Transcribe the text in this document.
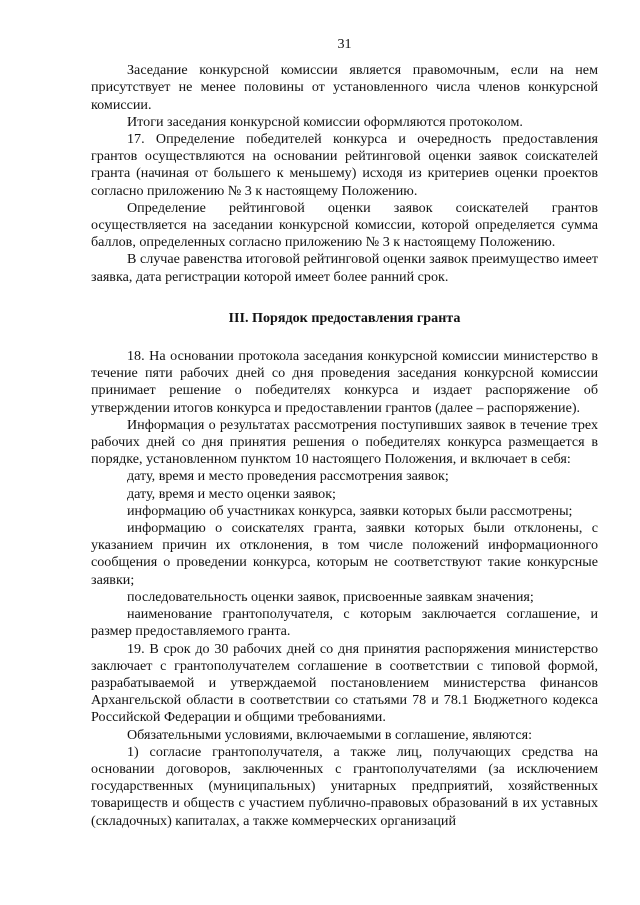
31

Заседание конкурсной комиссии является правомочным, если на нем присутствует не менее половины от установленного числа членов конкурсной комиссии.

Итоги заседания конкурсной комиссии оформляются протоколом.

17. Определение победителей конкурса и очередность предоставления грантов осуществляются на основании рейтинговой оценки заявок соискателей гранта (начиная от большего к меньшему) исходя из критериев оценки проектов согласно приложению № 3 к настоящему Положению.

Определение рейтинговой оценки заявок соискателей грантов осуществляется на заседании конкурсной комиссии, которой определяется сумма баллов, определенных согласно приложению № 3 к настоящему Положению.

В случае равенства итоговой рейтинговой оценки заявок преимущество имеет заявка, дата регистрации которой имеет более ранний срок.

III. Порядок предоставления гранта

18. На основании протокола заседания конкурсной комиссии министерство в течение пяти рабочих дней со дня проведения заседания конкурсной комиссии принимает решение о победителях конкурса и издает распоряжение об утверждении итогов конкурса и предоставлении грантов (далее – распоряжение).

Информация о результатах рассмотрения поступивших заявок в течение трех рабочих дней со дня принятия решения о победителях конкурса размещается в порядке, установленном пунктом 10 настоящего Положения, и включает в себя:

дату, время и место проведения рассмотрения заявок;

дату, время и место оценки заявок;

информацию об участниках конкурса, заявки которых были рассмотрены;

информацию о соискателях гранта, заявки которых были отклонены, с указанием причин их отклонения, в том числе положений информационного сообщения о проведении конкурса, которым не соответствуют такие конкурсные заявки;

последовательность оценки заявок, присвоенные заявкам значения;

наименование грантополучателя, с которым заключается соглашение, и размер предоставляемого гранта.

19. В срок до 30 рабочих дней со дня принятия распоряжения министерство заключает с грантополучателем соглашение в соответствии с типовой формой, разрабатываемой и утверждаемой постановлением министерства финансов Архангельской области в соответствии со статьями 78 и 78.1 Бюджетного кодекса Российской Федерации и общими требованиями.

Обязательными условиями, включаемыми в соглашение, являются:

1) согласие грантополучателя, а также лиц, получающих средства на основании договоров, заключенных с грантополучателями (за исключением государственных (муниципальных) унитарных предприятий, хозяйственных товариществ и обществ с участием публично-правовых образований в их уставных (складочных) капиталах, а также коммерческих организаций
